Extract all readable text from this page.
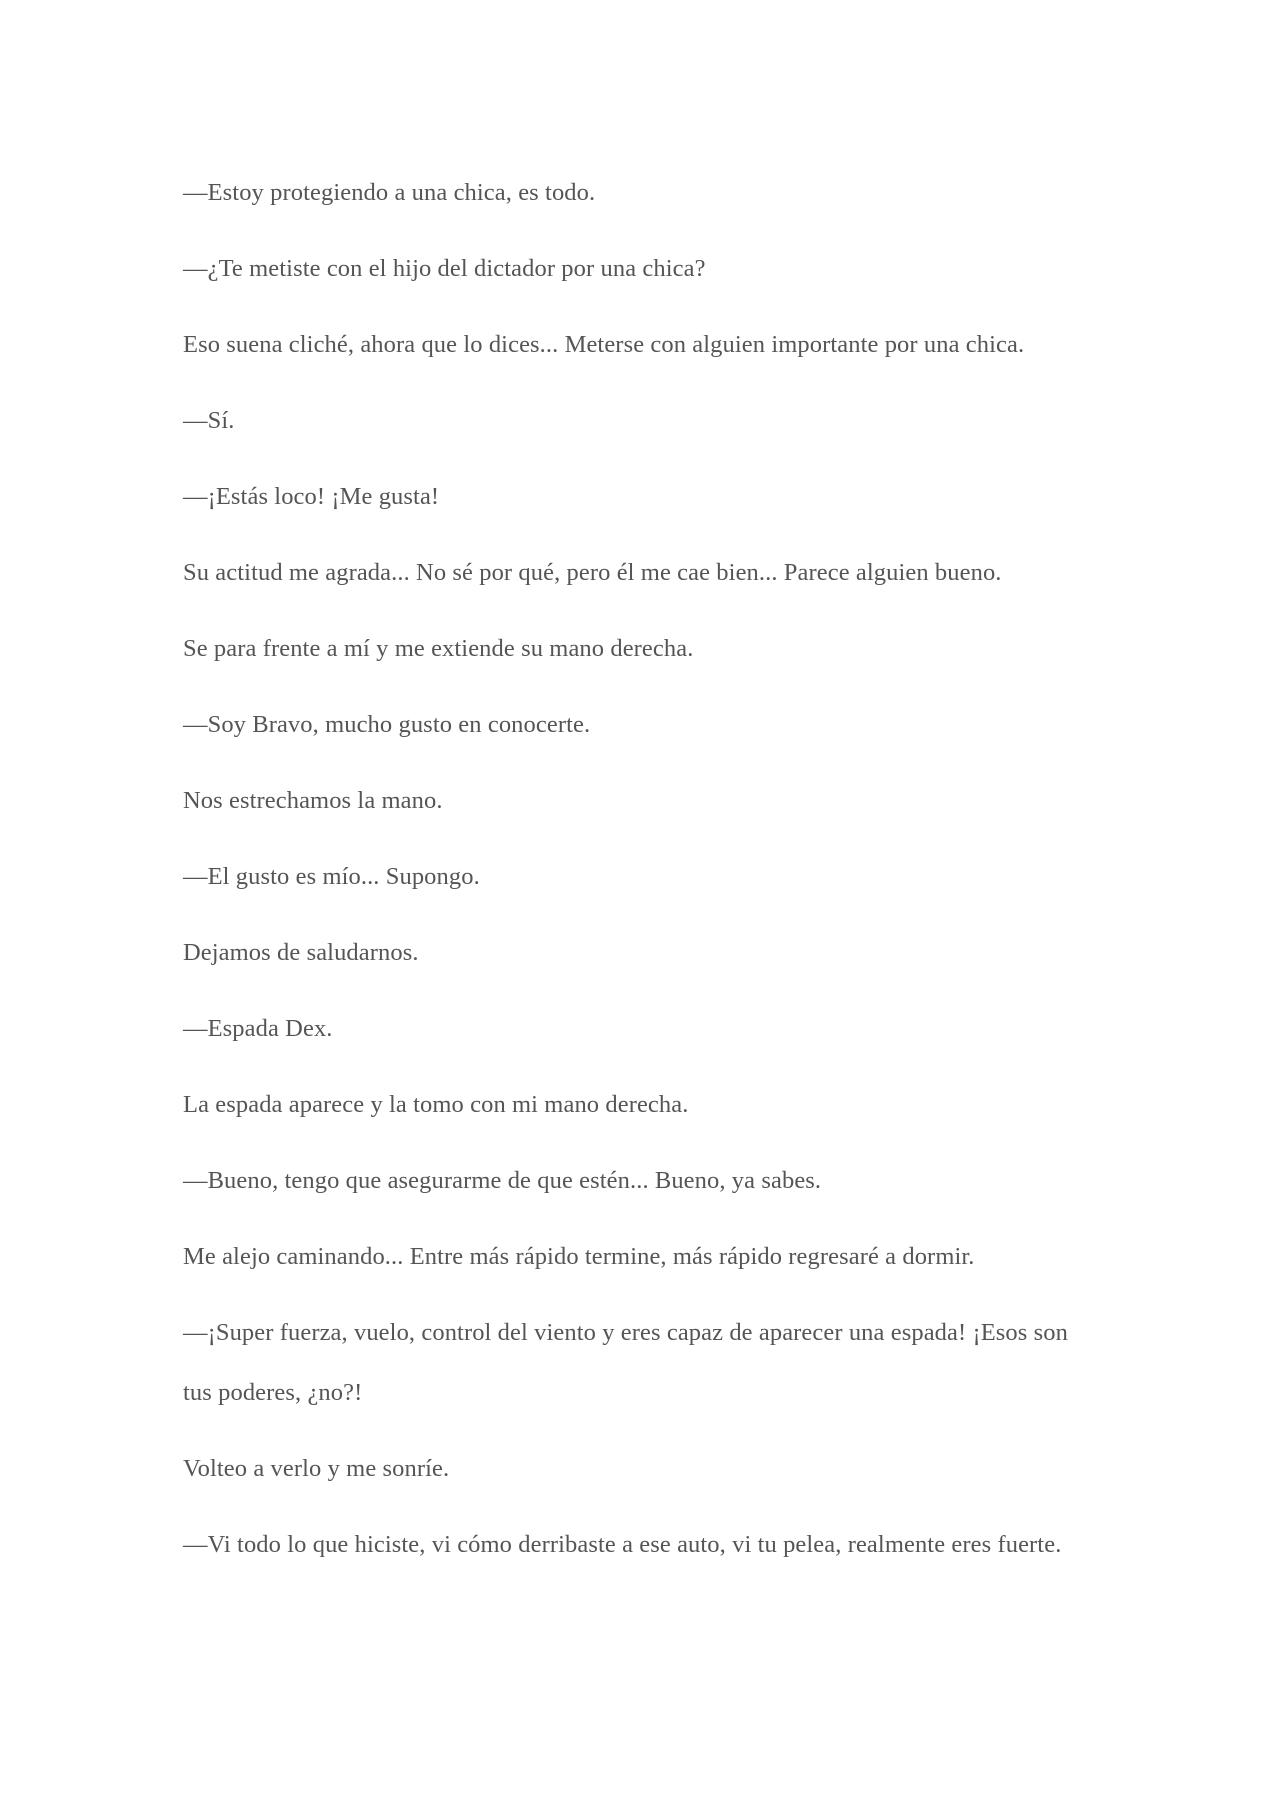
—Estoy protegiendo a una chica, es todo.

—¿Te metiste con el hijo del dictador por una chica?

Eso suena cliché, ahora que lo dices... Meterse con alguien importante por una chica.

—Sí.

—¡Estás loco! ¡Me gusta!

Su actitud me agrada... No sé por qué, pero él me cae bien... Parece alguien bueno.

Se para frente a mí y me extiende su mano derecha.

—Soy Bravo, mucho gusto en conocerte.

Nos estrechamos la mano.

—El gusto es mío... Supongo.

Dejamos de saludarnos.

—Espada Dex.

La espada aparece y la tomo con mi mano derecha.

—Bueno, tengo que asegurarme de que estén... Bueno, ya sabes.

Me alejo caminando... Entre más rápido termine, más rápido regresaré a dormir.

—¡Super fuerza, vuelo, control del viento y eres capaz de aparecer una espada! ¡Esos son tus poderes, ¿no?!

Volteo a verlo y me sonríe.

—Vi todo lo que hiciste, vi cómo derribaste a ese auto, vi tu pelea, realmente eres fuerte.
